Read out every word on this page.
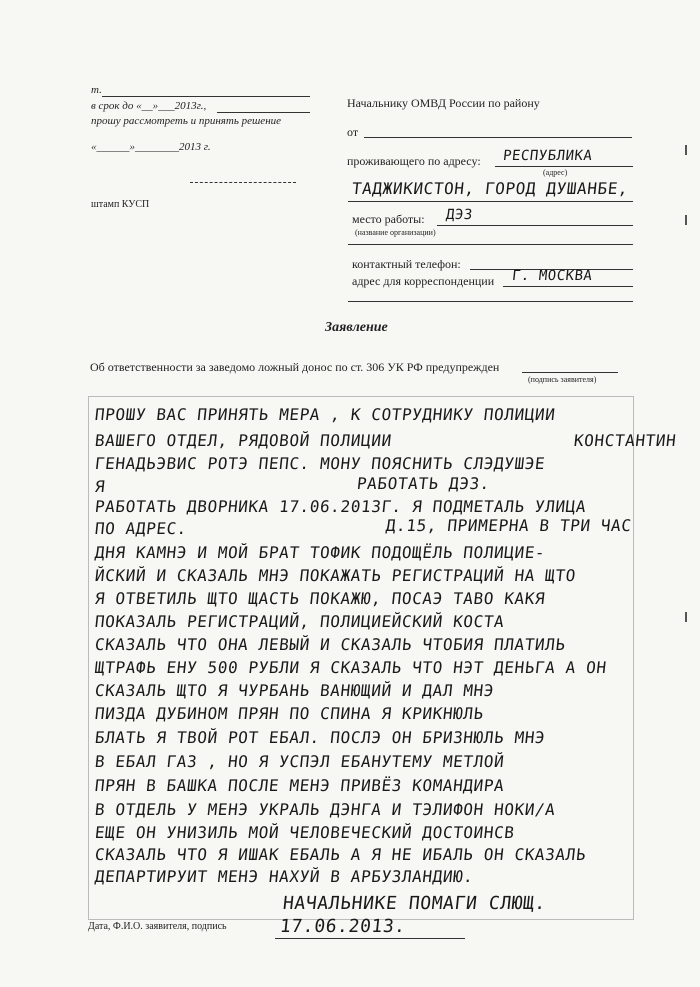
т.
в срок до «__»___2013г.,
прошу рассмотреть и принять решение
«______»________2013 г.
штамп КУСП
Начальнику ОМВД России по району
от
проживающего по адресу: РЕСПУБЛИКА
(адрес)
ТАДЖИКИСТОН, ГОРОД ДУШАНБЕ,
место работы: ДЭЗ
(название организации)
контактный телефон:
адрес для корреспонденции Г. МОСКВА
Заявление
Об ответственности за заведомо ложный донос по ст. 306 УК РФ предупрежден
(подпись заявителя)
ПРОШУ ВАС ПРИНЯТЬ МЕРА , К СОТРУДНИКУ ПОЛИЦИИ
ВАШЕГО ОТДЕЛ, РЯДОВОЙ ПОЛИЦИИ	КОНСТАНТИН
ГЕНАДЬЭВИС РОТЭ ПЕПС. МОНУ ПОЯСНИТЬ СЛЭДУШЭЕ
Я	РАБОТАТЬ ДЭЗ.
РАБОТАТЬ ДВОРНИКА 17.06.2013Г. Я ПОДМЕТАЛЬ УЛИЦА
ПО АДРЕС.	Д.15, ПРИМЕРНА В ТРИ ЧАС
ДНЯ КАМНЭ И МОЙ БРАТ ТОФИК ПОДОЩЁЛЬ ПОЛИЦИЕ-
ЙСКИЙ И СКАЗАЛЬ МНЭ ПОКАЖАТЬ РЕГИСТРАЦИЙ НА ЩТО
Я ОТВЕТИЛЬ ЩТО ЩАСТЬ ПОКАЖЮ, ПОСАЭ ТАВО КАКЯ
ПОКАЗАЛЬ РЕГИСТРАЦИЙ, ПОЛИЦИЕЙСКИЙ КОСТА
СКАЗАЛЬ ЧТО ОНА ЛЕВЫЙ И СКАЗАЛЬ ЧТОБИЯ ПЛАТИЛЬ
ЩТРАФЬ ЕНУ 500 РУБЛИ Я СКАЗАЛЬ ЧТО НЭТ ДЕНЬГА А ОН
СКАЗАЛЬ ЩТО Я ЧУРБАНЬ ВАНЮЩИЙ И ДАЛ МНЭ
ПИЗДА ДУБИНОМ ПРЯН ПО СПИНА Я КРИКНЮЛЬ
БЛАТЬ Я ТВОЙ РОТ ЕБАЛ. ПОСЛЭ ОН БРИЗНЮЛЬ МНЭ
В ЕБАЛ ГАЗ , НО Я УСПЭЛ ЕБАНУТЕМУ МЕТЛОЙ
ПРЯН В БАШКА ПОСЛЕ МЕНЭ ПРИВЁЗ КОМАНДИРА
В ОТДЕЛЬ У МЕНЭ УКРАЛЬ ДЭНГА И ТЭЛИФОН НОКИ/А
ЕЩЕ ОН УНИЗИЛЬ МОЙ ЧЕЛОВЕЧЕСКИЙ ДОСТОИНСВ
СКАЗАЛЬ ЧТО Я ИШАК ЕБАЛЬ А Я НЕ ИБАЛЬ ОН СКАЗАЛЬ
ДЕПАРТИРУИТ МЕНЭ НАХУЙ В АРБУЗЛАНДИЮ.
НАЧАЛЬНИКЕ ПОМАГИ СЛЮЩ.
Дата, Ф.И.О. заявителя, подпись	17.06.2013.
